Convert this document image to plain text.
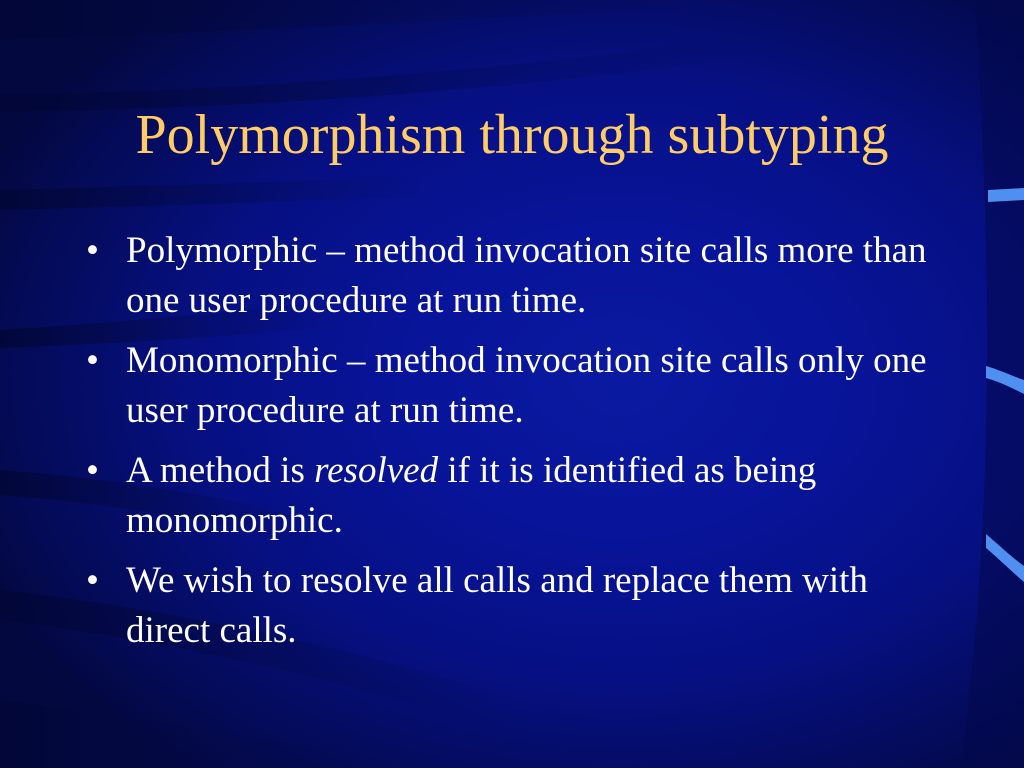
Polymorphism through subtyping
• Polymorphic – method invocation site calls more than one user procedure at run time.
• Monomorphic – method invocation site calls only one user procedure at run time.
• A method is resolved if it is identified as being monomorphic.
• We wish to resolve all calls and replace them with direct calls.
